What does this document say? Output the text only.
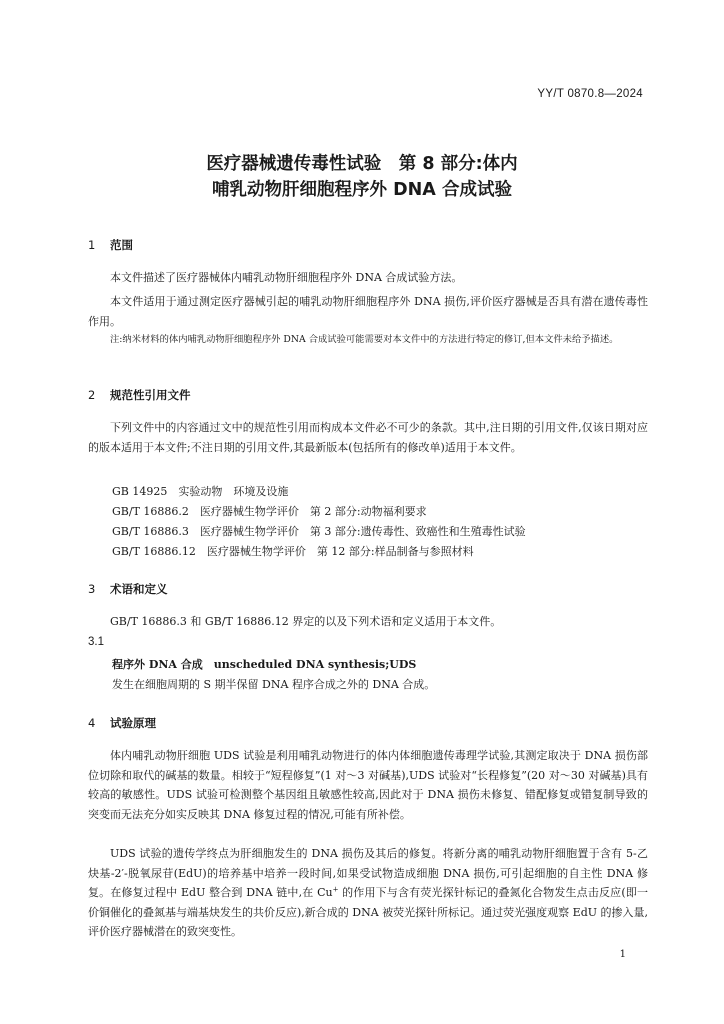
YY/T 0870.8—2024
医疗器械遗传毒性试验　第 8 部分:体内
哺乳动物肝细胞程序外 DNA 合成试验
1 范围

本文件描述了医疗器械体内哺乳动物肝细胞程序外 DNA 合成试验方法。

本文件适用于通过测定医疗器械引起的哺乳动物肝细胞程序外 DNA 损伤,评价医疗器械是否具有潜在遗传毒性作用。

注:纳米材料的体内哺乳动物肝细胞程序外 DNA 合成试验可能需要对本文件中的方法进行特定的修订,但本文件未给予描述。

2 规范性引用文件

下列文件中的内容通过文中的规范性引用而构成本文件必不可少的条款。其中,注日期的引用文件,仅该日期对应的版本适用于本文件;不注日期的引用文件,其最新版本(包括所有的修改单)适用于本文件。

GB 14925　实验动物　环境及设施
GB/T 16886.2　医疗器械生物学评价　第 2 部分:动物福利要求
GB/T 16886.3　医疗器械生物学评价　第 3 部分:遗传毒性、致癌性和生殖毒性试验
GB/T 16886.12　医疗器械生物学评价　第 12 部分:样品制备与参照材料
3 术语和定义

GB/T 16886.3 和 GB/T 16886.12 界定的以及下列术语和定义适用于本文件。

3.1
程序外 DNA 合成　unscheduled DNA synthesis;UDS
发生在细胞周期的 S 期半保留 DNA 程序合成之外的 DNA 合成。
4 试验原理

体内哺乳动物肝细胞 UDS 试验是利用哺乳动物进行的体内体细胞遗传毒理学试验,其测定取决于 DNA 损伤部位切除和取代的碱基的数量。相较于“短程修复”(1 对～3 对碱基),UDS 试验对“长程修复”(20 对～30 对碱基)具有较高的敏感性。UDS 试验可检测整个基因组且敏感性较高,因此对于 DNA 损伤未修复、错配修复或错复制导致的突变而无法充分如实反映其 DNA 修复过程的情况,可能有所补偿。

UDS 试验的遗传学终点为肝细胞发生的 DNA 损伤及其后的修复。将新分离的哺乳动物肝细胞置于含有 5-乙炔基-2′-脱氧尿苷(EdU)的培养基中培养一段时间,如果受试物造成细胞 DNA 损伤,可引起细胞的自主性 DNA 修复。在修复过程中 EdU 整合到 DNA 链中,在 Cu+ 的作用下与含有荧光探针标记的叠氮化合物发生点击反应(即一价铜催化的叠氮基与端基炔发生的共价反应),新合成的 DNA 被荧光探针所标记。通过荧光强度观察 EdU 的掺入量,评价医疗器械潜在的致突变性。

1
